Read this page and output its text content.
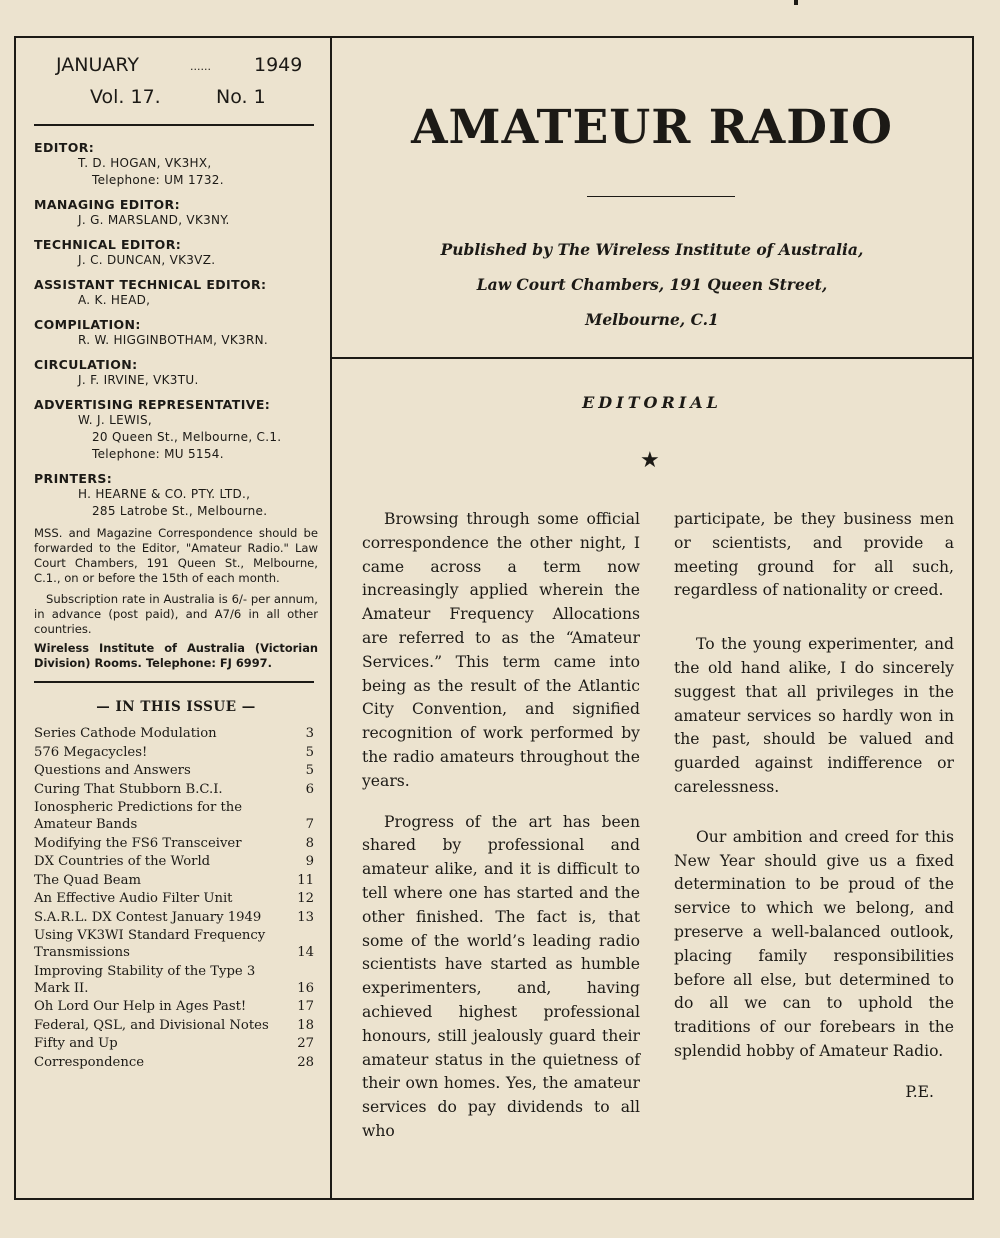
JANUARY	...... 1949
Vol. 17.	No. 1
EDITOR:
T. D. HOGAN, VK3HX,
Telephone: UM 1732.
MANAGING EDITOR:
J. G. MARSLAND, VK3NY.
TECHNICAL EDITOR:
J. C. DUNCAN, VK3VZ.
ASSISTANT TECHNICAL EDITOR:
A. K. HEAD,
COMPILATION:
R. W. HIGGINBOTHAM, VK3RN.
CIRCULATION:
J. F. IRVINE, VK3TU.
ADVERTISING REPRESENTATIVE:
W. J. LEWIS,
20 Queen St., Melbourne, C.1.
Telephone: MU 5154.
PRINTERS:
H. HEARNE & CO. PTY. LTD.,
285 Latrobe St., Melbourne.
MSS. and Magazine Correspondence should be forwarded to the Editor, "Amateur Radio." Law Court Chambers, 191 Queen St., Melbourne, C.1., on or before the 15th of each month.
Subscription rate in Australia is 6/- per annum, in advance (post paid), and A7/6 in all other countries.
Wireless Institute of Australia (Victorian Division) Rooms. Telephone: FJ 6997.
— IN THIS ISSUE —
Series Cathode Modulation	3
576 Megacycles!	5
Questions and Answers	5
Curing That Stubborn B.C.I.	6
Ionospheric Predictions for the Amateur Bands	7
Modifying the FS6 Transceiver	8
DX Countries of the World	9
The Quad Beam	11
An Effective Audio Filter Unit	12
S.A.R.L. DX Contest January 1949	13
Using VK3WI Standard Frequency Transmissions	14
Improving Stability of the Type 3 Mark II.	16
Oh Lord Our Help in Ages Past!	17
Federal, QSL, and Divisional Notes	18
Fifty and Up	27
Correspondence	28
AMATEUR RADIO
Published by The Wireless Institute of Australia,
Law Court Chambers, 191 Queen Street,
Melbourne, C.1
EDITORIAL
★

Browsing through some official correspondence the other night, I came across a term now increasingly applied wherein the Amateur Frequency Allocations are referred to as the “Amateur Services.” This term came into being as the result of the Atlantic City Convention, and signified recognition of work performed by the radio amateurs throughout the years.

Progress of the art has been shared by professional and amateur alike, and it is difficult to tell where one has started and the other finished. The fact is, that some of the world’s leading radio scientists have started as humble experimenters, and, having achieved highest professional honours, still jealously guard their amateur status in the quietness of their own homes. Yes, the amateur services do pay dividends to all who

participate, be they business men or scientists, and provide a meeting ground for all such, regardless of nationality or creed.

To the young experimenter, and the old hand alike, I do sincerely suggest that all privileges in the amateur services so hardly won in the past, should be valued and guarded against indifference or carelessness.

Our ambition and creed for this New Year should give us a fixed determination to be proud of the service to which we belong, and preserve a well-balanced outlook, placing family responsibilities before all else, but determined to do all we can to uphold the traditions of our forebears in the splendid hobby of Amateur Radio.

P.E.
